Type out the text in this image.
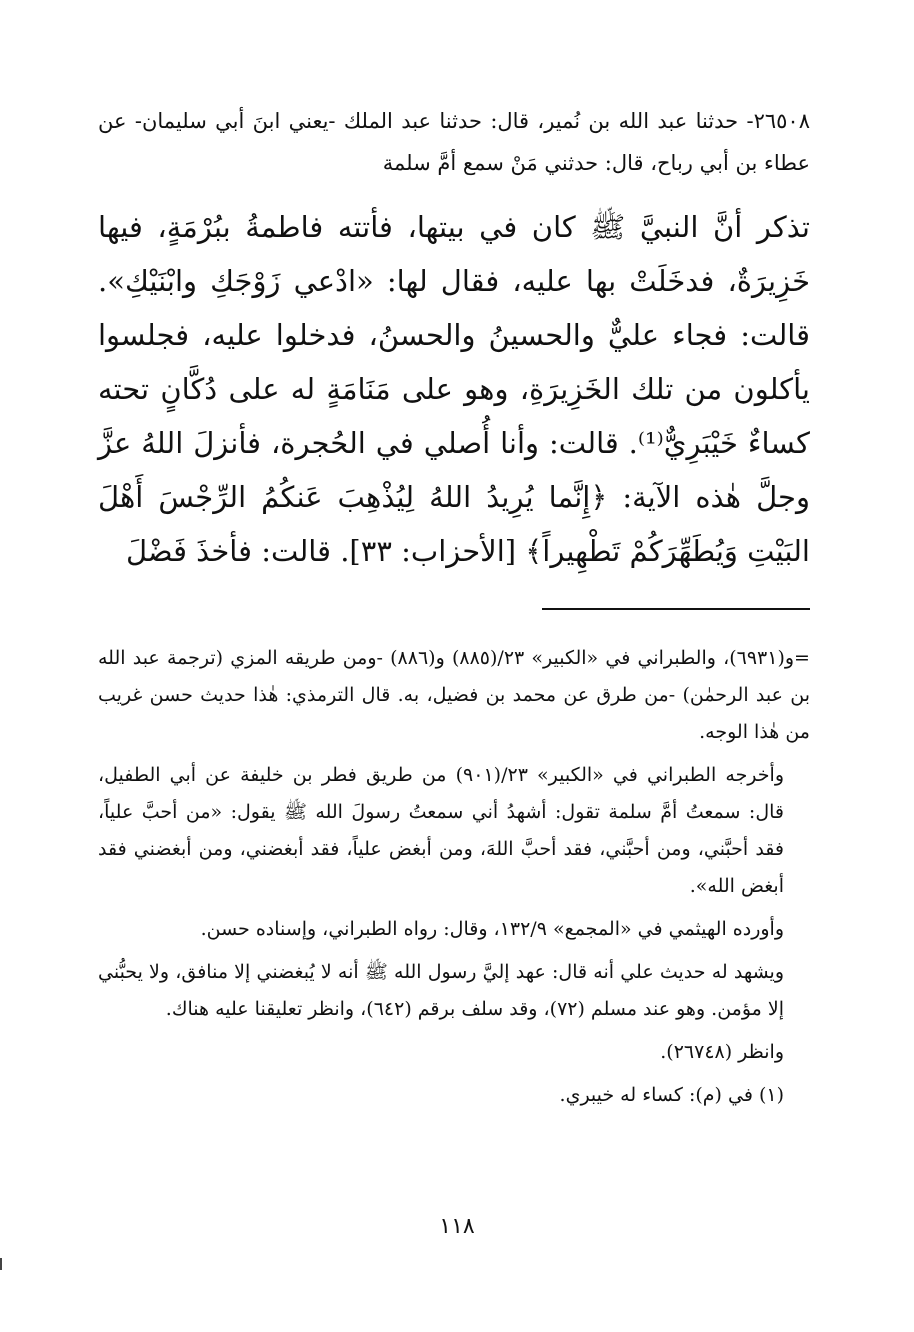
٢٦٥٠٨- حدثنا عبد الله بن نُمير، قال: حدثنا عبد الملك -يعني ابنَ أبي سليمان- عن عطاء بن أبي رباح، قال: حدثني مَنْ سمع أمَّ سلمة

تذكر أنَّ النبيَّ ﷺ كان في بيتها، فأتته فاطمةُ ببُرْمَةٍ، فيها خَزِيرَةٌ، فدخَلَتْ بها عليه، فقال لها: «ادْعي زَوْجَكِ وابْنَيْكِ». قالت: فجاء عليٌّ والحسينُ والحسنُ، فدخلوا عليه، فجلسوا يأكلون من تلك الخَزِيرَةِ، وهو على مَنَامَةٍ له على دُكَّانٍ تحته كساءٌ خَيْبَرِيٌّ⁽¹⁾. قالت: وأنا أُصلي في الحُجرة، فأنزلَ اللهُ عزَّ وجلَّ هٰذه الآية: ﴿إِنَّما يُرِيدُ اللهُ لِيُذْهِبَ عَنكُمُ الرِّجْسَ أَهْلَ البَيْتِ وَيُطَهِّرَكُمْ تَطْهِيراً﴾ [الأحزاب: ٣٣]. قالت: فأخذَ فَضْلَ

=و(٦٩٣١)، والطبراني في «الكبير» ٢٣/(٨٨٥) و(٨٨٦) -ومن طريقه المزي (ترجمة عبد الله بن عبد الرحمٰن) -من طرق عن محمد بن فضيل، به. قال الترمذي: هٰذا حديث حسن غريب من هٰذا الوجه.

وأخرجه الطبراني في «الكبير» ٢٣/(٩٠١) من طريق فطر بن خليفة عن أبي الطفيل، قال: سمعتُ أمَّ سلمة تقول: أشهدُ أني سمعتُ رسولَ الله ﷺ يقول: «من أحبَّ علياً، فقد أحبَّني، ومن أحبَّني، فقد أحبَّ اللهَ، ومن أبغض علياً، فقد أبغضني، ومن أبغضني فقد أبغض الله».

وأورده الهيثمي في «المجمع» ١٣٢/٩، وقال: رواه الطبراني، وإسناده حسن.

ويشهد له حديث علي أنه قال: عهد إليَّ رسول الله ﷺ أنه لا يُبغضني إلا منافق، ولا يحبُّني إلا مؤمن. وهو عند مسلم (٧٢)، وقد سلف برقم (٦٤٢)، وانظر تعليقنا عليه هناك.

وانظر (٢٦٧٤٨).

(١) في (م): كساء له خيبري.

١١٨
